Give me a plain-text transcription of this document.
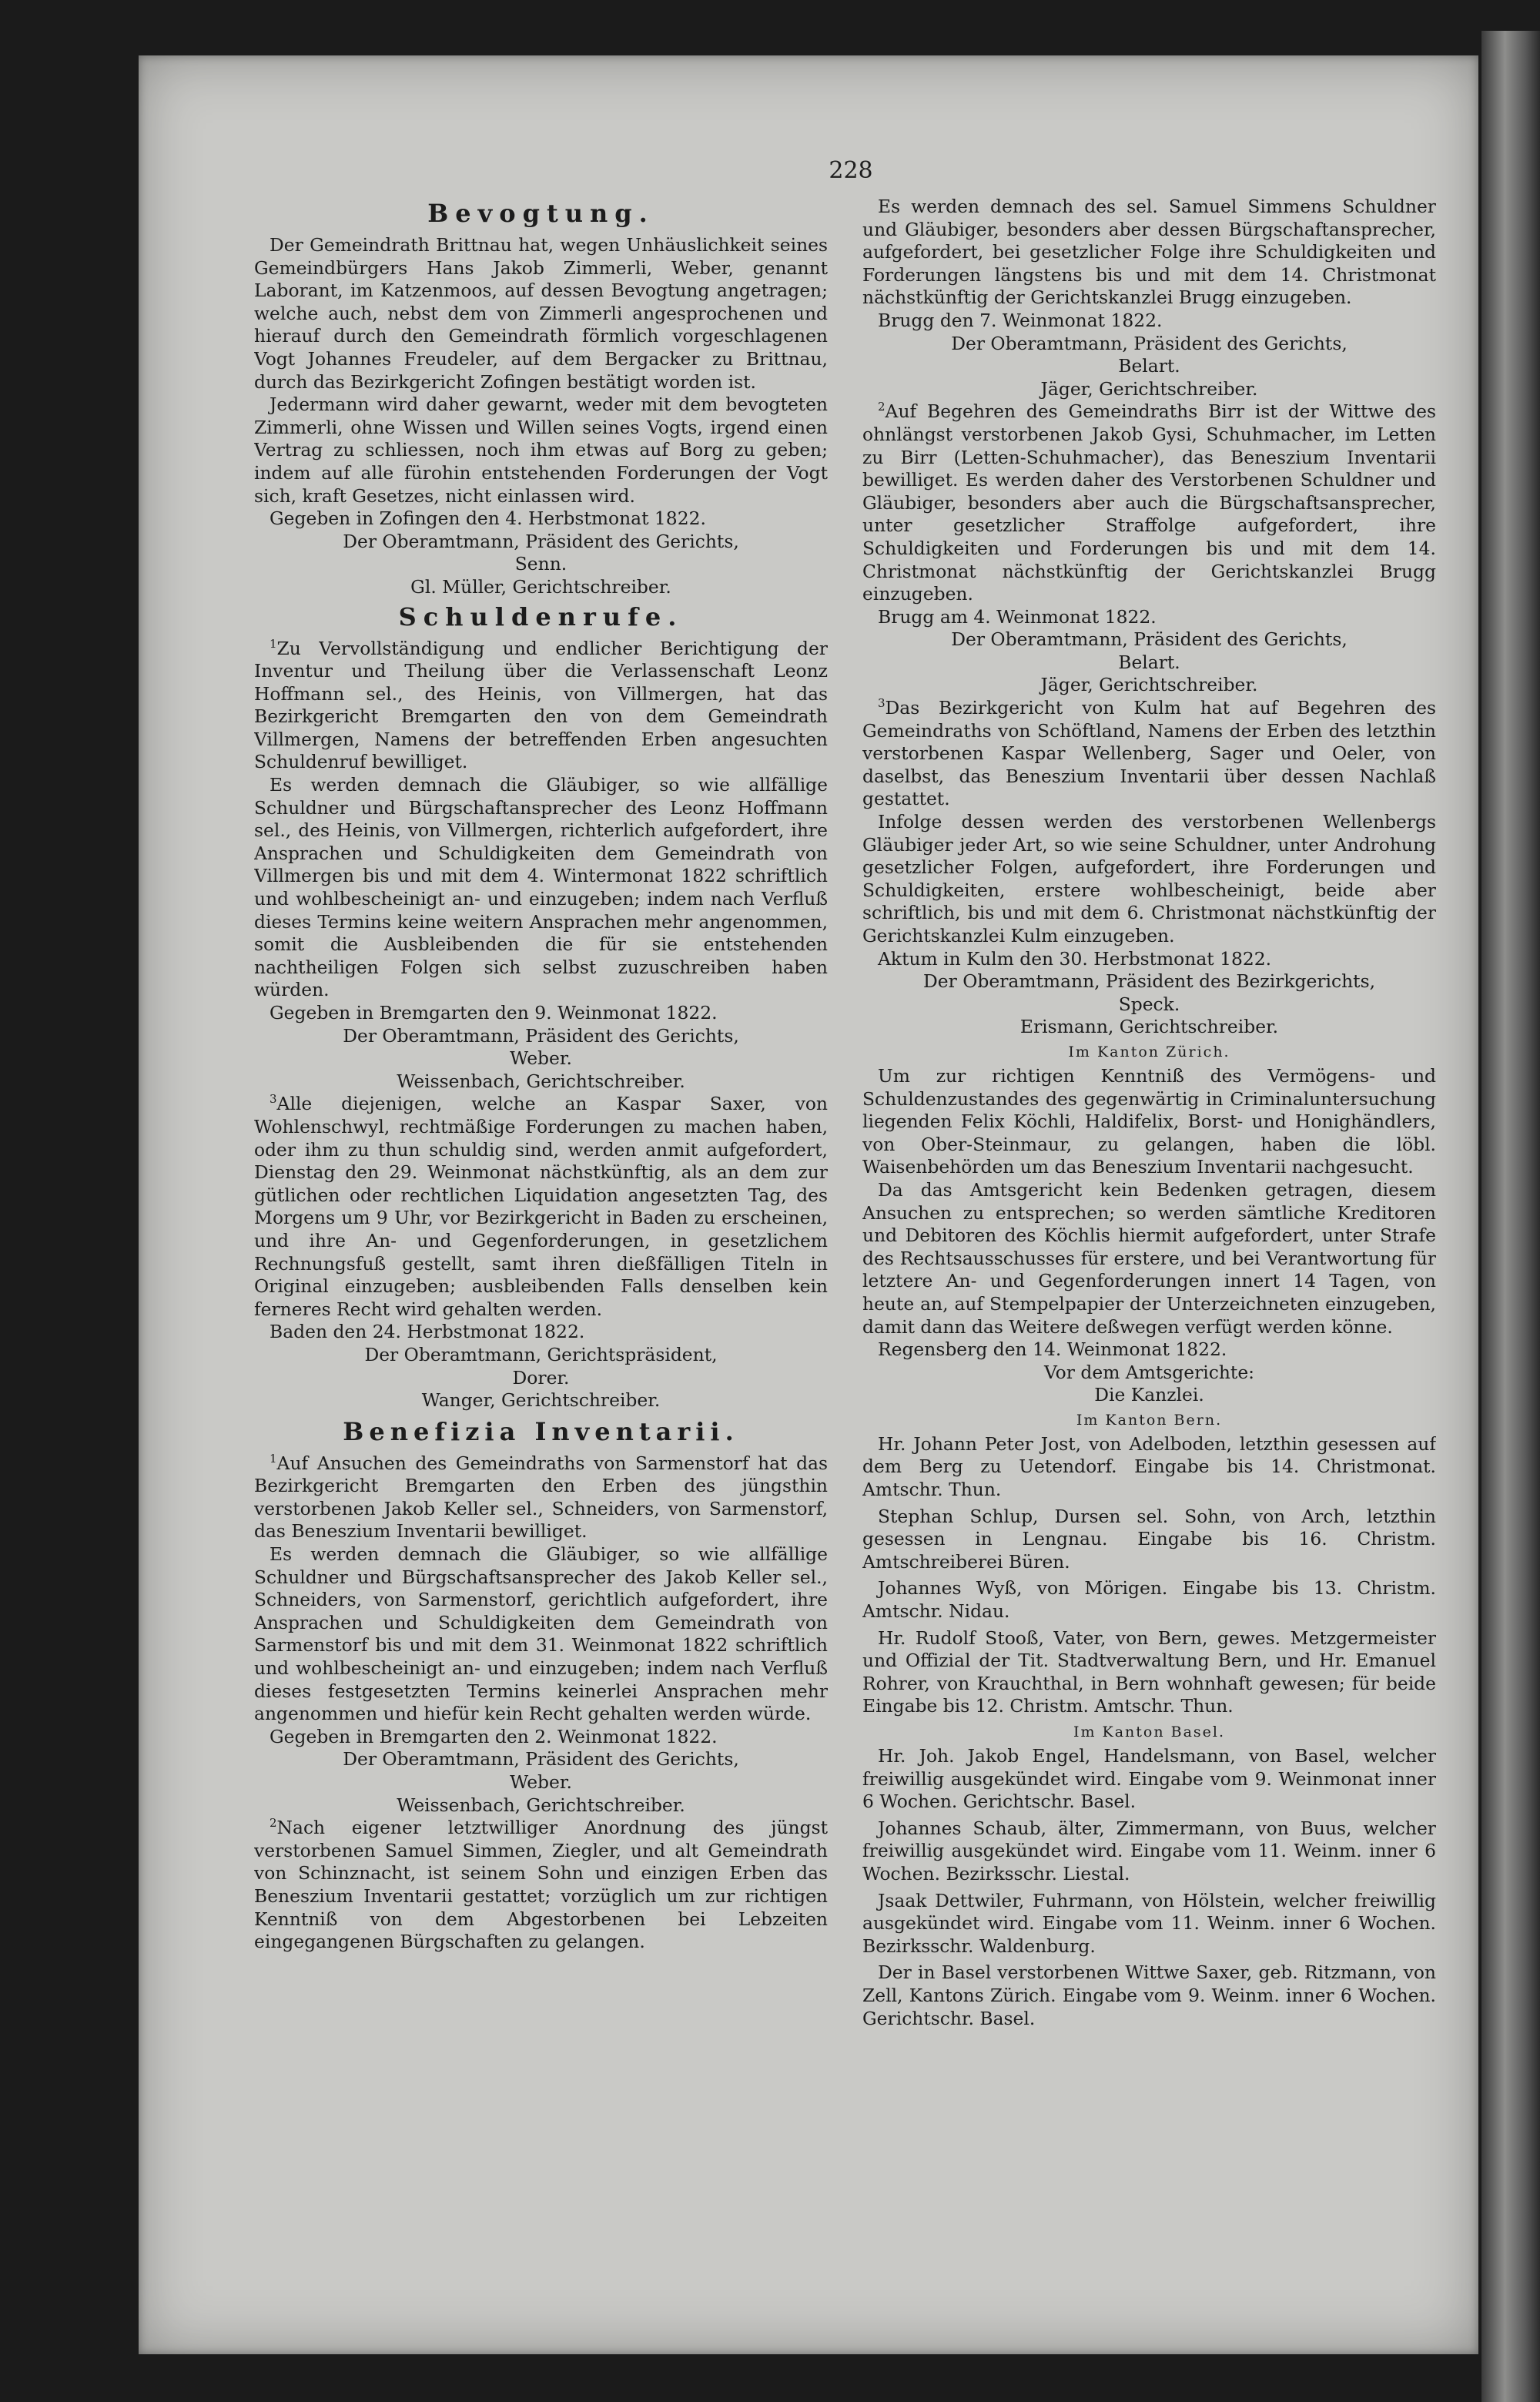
228
Bevogtung.

Der Gemeindrath Brittnau hat, wegen Unhäuslichkeit seines Gemeindbürgers Hans Jakob Zimmerli, Weber, genannt Laborant, im Katzenmoos, auf dessen Bevogtung angetragen; welche auch, nebst dem von Zimmerli angesprochenen und hierauf durch den Gemeindrath förmlich vorgeschlagenen Vogt Johannes Freudeler, auf dem Bergacker zu Brittnau, durch das Bezirkgericht Zofingen bestätigt worden ist.

Jedermann wird daher gewarnt, weder mit dem bevogteten Zimmerli, ohne Wissen und Willen seines Vogts, irgend einen Vertrag zu schliessen, noch ihm etwas auf Borg zu geben; indem auf alle fürohin entstehenden Forderungen der Vogt sich, kraft Gesetzes, nicht einlassen wird.

Gegeben in Zofingen den 4. Herbstmonat 1822.

Der Oberamtmann, Präsident des Gerichts,

Senn.

Gl. Müller, Gerichtschreiber.

Schuldenrufe.

$^1$Zu Vervollständigung und endlicher Berichtigung der Inventur und Theilung über die Verlassenschaft Leonz Hoffmann sel., des Heinis, von Villmergen, hat das Bezirkgericht Bremgarten den von dem Gemeindrath Villmergen, Namens der betreffenden Erben angesuchten Schuldenruf bewilliget.

Es werden demnach die Gläubiger, so wie allfällige Schuldner und Bürgschaftansprecher des Leonz Hoffmann sel., des Heinis, von Villmergen, richterlich aufgefordert, ihre Ansprachen und Schuldigkeiten dem Gemeindrath von Villmergen bis und mit dem 4. Wintermonat 1822 schriftlich und wohlbescheinigt an- und einzugeben; indem nach Verfluß dieses Termins keine weitern Ansprachen mehr angenommen, somit die Ausbleibenden die für sie entstehenden nachtheiligen Folgen sich selbst zuzuschreiben haben würden.

Gegeben in Bremgarten den 9. Weinmonat 1822.

Der Oberamtmann, Präsident des Gerichts,

Weber.

Weissenbach, Gerichtschreiber.

$^3$Alle diejenigen, welche an Kaspar Saxer, von Wohlenschwyl, rechtmäßige Forderungen zu machen haben, oder ihm zu thun schuldig sind, werden anmit aufgefordert, Dienstag den 29. Weinmonat nächstkünftig, als an dem zur gütlichen oder rechtlichen Liquidation angesetzten Tag, des Morgens um 9 Uhr, vor Bezirkgericht in Baden zu erscheinen, und ihre An- und Gegenforderungen, in gesetzlichem Rechnungsfuß gestellt, samt ihren dießfälligen Titeln in Original einzugeben; ausbleibenden Falls denselben kein ferneres Recht wird gehalten werden.

Baden den 24. Herbstmonat 1822.

Der Oberamtmann, Gerichtspräsident,

Dorer.

Wanger, Gerichtschreiber.

Benefizia Inventarii.

$^1$Auf Ansuchen des Gemeindraths von Sarmenstorf hat das Bezirkgericht Bremgarten den Erben des jüngsthin verstorbenen Jakob Keller sel., Schneiders, von Sarmenstorf, das Beneszium Inventarii bewilliget.

Es werden demnach die Gläubiger, so wie allfällige Schuldner und Bürgschaftsansprecher des Jakob Keller sel., Schneiders, von Sarmenstorf, gerichtlich aufgefordert, ihre Ansprachen und Schuldigkeiten dem Gemeindrath von Sarmenstorf bis und mit dem 31. Weinmonat 1822 schriftlich und wohlbescheinigt an- und einzugeben; indem nach Verfluß dieses festgesetzten Termins keinerlei Ansprachen mehr angenommen und hiefür kein Recht gehalten werden würde.

Gegeben in Bremgarten den 2. Weinmonat 1822.

Der Oberamtmann, Präsident des Gerichts,

Weber.

Weissenbach, Gerichtschreiber.

$^2$Nach eigener letztwilliger Anordnung des jüngst verstorbenen Samuel Simmen, Ziegler, und alt Gemeindrath von Schinznacht, ist seinem Sohn und einzigen Erben das Beneszium Inventarii gestattet; vorzüglich um zur richtigen Kenntniß von dem Abgestorbenen bei Lebzeiten eingegangenen Bürgschaften zu gelangen.

Es werden demnach des sel. Samuel Simmens Schuldner und Gläubiger, besonders aber dessen Bürgschaftansprecher, aufgefordert, bei gesetzlicher Folge ihre Schuldigkeiten und Forderungen längstens bis und mit dem 14. Christmonat nächstkünftig der Gerichtskanzlei Brugg einzugeben.

Brugg den 7. Weinmonat 1822.

Der Oberamtmann, Präsident des Gerichts,

Belart.

Jäger, Gerichtschreiber.

$^2$Auf Begehren des Gemeindraths Birr ist der Wittwe des ohnlängst verstorbenen Jakob Gysi, Schuhmacher, im Letten zu Birr (Letten-Schuhmacher), das Beneszium Inventarii bewilliget. Es werden daher des Verstorbenen Schuldner und Gläubiger, besonders aber auch die Bürgschaftsansprecher, unter gesetzlicher Straffolge aufgefordert, ihre Schuldigkeiten und Forderungen bis und mit dem 14. Christmonat nächstkünftig der Gerichtskanzlei Brugg einzugeben.

Brugg am 4. Weinmonat 1822.

Der Oberamtmann, Präsident des Gerichts,

Belart.

Jäger, Gerichtschreiber.

$^3$Das Bezirkgericht von Kulm hat auf Begehren des Gemeindraths von Schöftland, Namens der Erben des letzthin verstorbenen Kaspar Wellenberg, Sager und Oeler, von daselbst, das Beneszium Inventarii über dessen Nachlaß gestattet.

Infolge dessen werden des verstorbenen Wellenbergs Gläubiger jeder Art, so wie seine Schuldner, unter Androhung gesetzlicher Folgen, aufgefordert, ihre Forderungen und Schuldigkeiten, erstere wohlbescheinigt, beide aber schriftlich, bis und mit dem 6. Christmonat nächstkünftig der Gerichtskanzlei Kulm einzugeben.

Aktum in Kulm den 30. Herbstmonat 1822.

Der Oberamtmann, Präsident des Bezirkgerichts,

Speck.

Erismann, Gerichtschreiber.

Im Kanton Zürich.

Um zur richtigen Kenntniß des Vermögens- und Schuldenzustandes des gegenwärtig in Criminaluntersuchung liegenden Felix Köchli, Haldifelix, Borst- und Honighändlers, von Ober-Steinmaur, zu gelangen, haben die löbl. Waisenbehörden um das Beneszium Inventarii nachgesucht.

Da das Amtsgericht kein Bedenken getragen, diesem Ansuchen zu entsprechen; so werden sämtliche Kreditoren und Debitoren des Köchlis hiermit aufgefordert, unter Strafe des Rechtsausschusses für erstere, und bei Verantwortung für letztere An- und Gegenforderungen innert 14 Tagen, von heute an, auf Stempelpapier der Unterzeichneten einzugeben, damit dann das Weitere deßwegen verfügt werden könne.

Regensberg den 14. Weinmonat 1822.

Vor dem Amtsgerichte:

Die Kanzlei.

Im Kanton Bern.

Hr. Johann Peter Jost, von Adelboden, letzthin gesessen auf dem Berg zu Uetendorf. Eingabe bis 14. Christmonat. Amtschr. Thun.

Stephan Schlup, Dursen sel. Sohn, von Arch, letzthin gesessen in Lengnau. Eingabe bis 16. Christm. Amtschreiberei Büren.

Johannes Wyß, von Mörigen. Eingabe bis 13. Christm. Amtschr. Nidau.

Hr. Rudolf Stooß, Vater, von Bern, gewes. Metzgermeister und Offizial der Tit. Stadtverwaltung Bern, und Hr. Emanuel Rohrer, von Krauchthal, in Bern wohnhaft gewesen; für beide Eingabe bis 12. Christm. Amtschr. Thun.

Im Kanton Basel.

Hr. Joh. Jakob Engel, Handelsmann, von Basel, welcher freiwillig ausgekündet wird. Eingabe vom 9. Weinmonat inner 6 Wochen. Gerichtschr. Basel.

Johannes Schaub, älter, Zimmermann, von Buus, welcher freiwillig ausgekündet wird. Eingabe vom 11. Weinm. inner 6 Wochen. Bezirksschr. Liestal.

Jsaak Dettwiler, Fuhrmann, von Hölstein, welcher freiwillig ausgekündet wird. Eingabe vom 11. Weinm. inner 6 Wochen. Bezirksschr. Waldenburg.

Der in Basel verstorbenen Wittwe Saxer, geb. Ritzmann, von Zell, Kantons Zürich. Eingabe vom 9. Weinm. inner 6 Wochen. Gerichtschr. Basel.
